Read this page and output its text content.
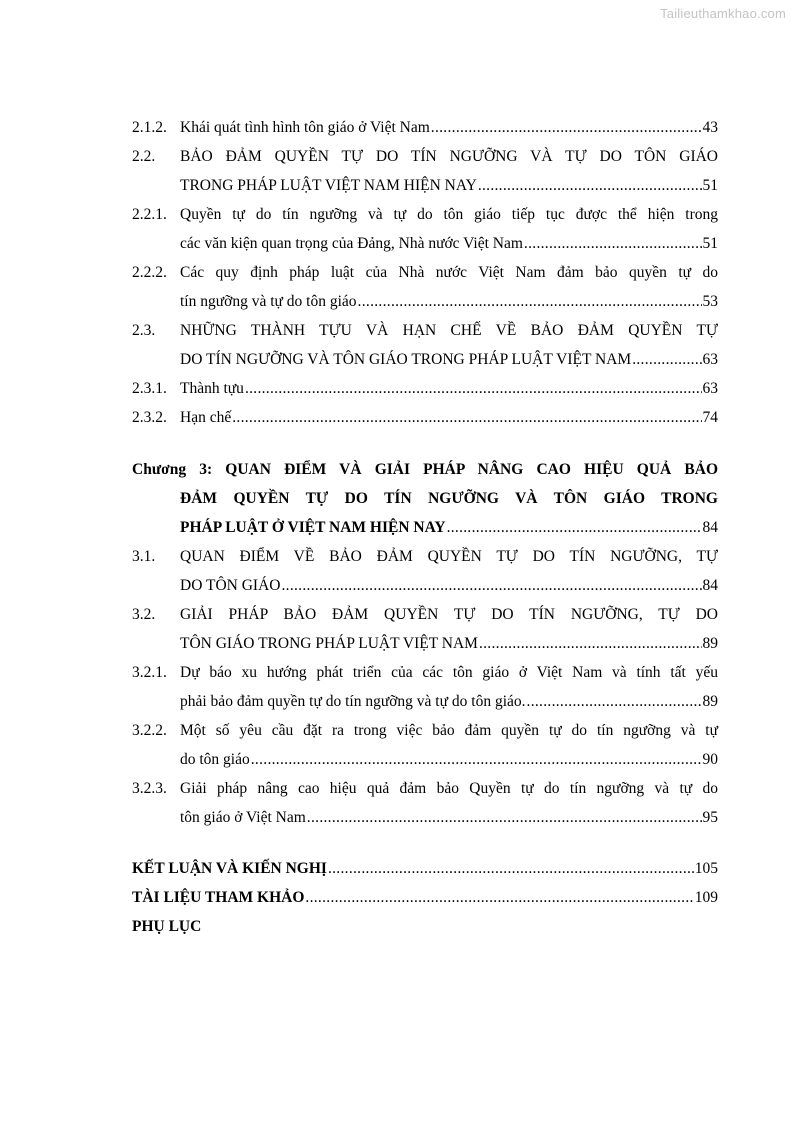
Tailieuthamkhao.com
2.1.2. Khái quát tình hình tôn giáo ở Việt Nam .....	43
2.2.	BẢO ĐẢM QUYỀN TỰ DO TÍN NGƯỠNG VÀ TỰ DO TÔN GIÁO
TRONG PHÁP LUẬT VIỆT NAM HIỆN NAY .....	51
2.2.1. Quyền tự do tín ngưỡng và tự do tôn giáo tiếp tục được thể hiện trong
các văn kiện quan trọng của Đảng, Nhà nước Việt Nam .....	51
2.2.2. Các quy định pháp luật của Nhà nước Việt Nam đảm bảo quyền tự do
tín ngưỡng và tự do tôn giáo .....	53
2.3.	NHỮNG THÀNH TỰU VÀ HẠN CHẾ VỀ BẢO ĐẢM QUYỀN TỰ
DO TÍN NGƯỠNG VÀ TÔN GIÁO TRONG PHÁP LUẬT VIỆT NAM .....	63
2.3.1. Thành tựu .....	63
2.3.2. Hạn chế .....	74
Chương 3: QUAN ĐIỂM VÀ GIẢI PHÁP NÂNG CAO HIỆU QUẢ BẢO
ĐẢM QUYỀN TỰ DO TÍN NGƯỠNG VÀ TÔN GIÁO TRONG
PHÁP LUẬT Ở VIỆT NAM HIỆN NAY .....	84
3.1.	QUAN ĐIỂM VỀ BẢO ĐẢM QUYỀN TỰ DO TÍN NGƯỠNG, TỰ
DO TÔN GIÁO .....	84
3.2.	GIẢI PHÁP BẢO ĐẢM QUYỀN TỰ DO TÍN NGƯỠNG, TỰ DO
TÔN GIÁO TRONG PHÁP LUẬT VIỆT NAM .....	89
3.2.1. Dự báo xu hướng phát triển của các tôn giáo ở Việt Nam và tính tất yếu
phải bảo đảm quyền tự do tín ngưỡng và tự do tôn giáo. .....	89
3.2.2. Một số yêu cầu đặt ra trong việc bảo đảm quyền tự do tín ngưỡng và tự
do tôn giáo .....	90
3.2.3. Giải pháp nâng cao hiệu quả đảm bảo Quyền tự do tín ngưỡng và tự do
tôn giáo ở Việt Nam .....	95
KẾT LUẬN VÀ KIẾN NGHỊ .....	105
TÀI LIỆU THAM KHẢO .....	109
PHỤ LỤC
